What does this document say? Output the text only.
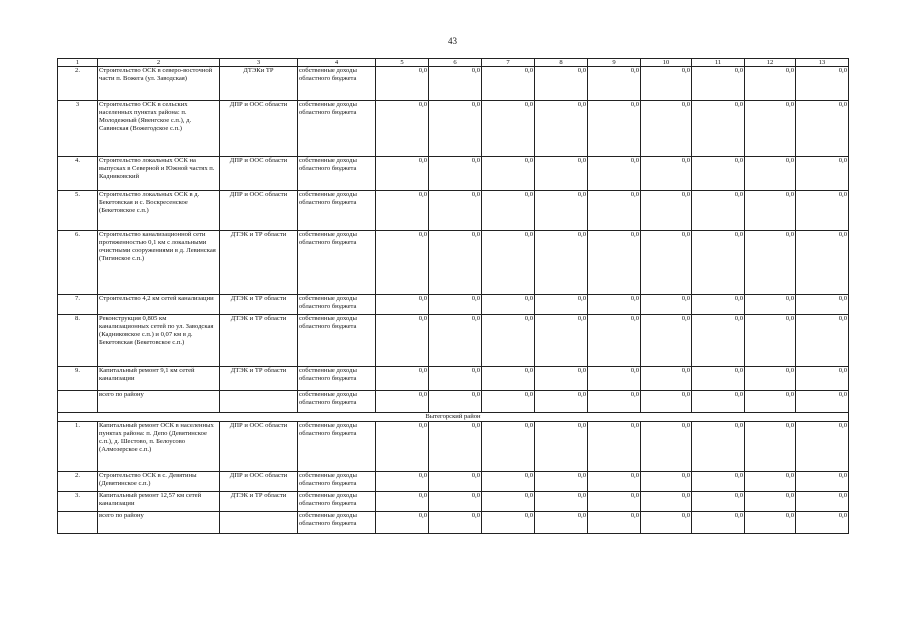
43
1	2	3	4	5	6	7	8	9	10	11	12	13
2.	Строительство ОСК в северо-восточной части п. Вожега (ул. Заводская)	ДТЭКи ТР	собственные доходы областного бюджета	0,0	0,0	0,0	0,0	0,0	0,0	0,0	0,0	0,0
3	Строительство ОСК в сельских населенных пунктах района: п. Молодежный (Явенгское с.п.), д. Савинская (Вожегодское с.п.)	ДПР и ООС области	собственные доходы областного бюджета	0,0	0,0	0,0	0,0	0,0	0,0	0,0	0,0	0,0
4.	Строительство локальных ОСК на выпусках в Северной и Южной частях п. Кадниковский	ДПР и ООС области	собственные доходы областного бюджета	0,0	0,0	0,0	0,0	0,0	0,0	0,0	0,0	0,0
5.	Строительство локальных ОСК в д. Бекетовская и с. Воскресенское (Бекетовское с.п.)	ДПР и ООС области	собственные доходы областного бюджета	0,0	0,0	0,0	0,0	0,0	0,0	0,0	0,0	0,0
6.	Строительство канализационной сети протяженностью 0,1 км с локальными очистными сооружениями в д. Левинская (Тигинское с.п.)	ДТЭК и ТР области	собственные доходы областного бюджета	0,0	0,0	0,0	0,0	0,0	0,0	0,0	0,0	0,0
7.	Строительство 4,2 км сетей канализации	ДТЭК и ТР области	собственные доходы областного бюджета	0,0	0,0	0,0	0,0	0,0	0,0	0,0	0,0	0,0
8.	Реконструкция 0,805 км канализационных сетей по ул. Заводская (Кадниковское с.п.) и 0,07 км в д. Бекетовская (Бекетовское с.п.)	ДТЭК и ТР области	собственные доходы областного бюджета	0,0	0,0	0,0	0,0	0,0	0,0	0,0	0,0	0,0
9.	Капитальный ремонт 9,1 км сетей канализации	ДТЭК и ТР области	собственные доходы областного бюджета	0,0	0,0	0,0	0,0	0,0	0,0	0,0	0,0	0,0
	всего по району		собственные доходы областного бюджета	0,0	0,0	0,0	0,0	0,0	0,0	0,0	0,0	0,0
Вытегорский район												
1.	Капитальный ремонт ОСК в населенных пунктах района: п. Депо (Девятинское с.п.), д. Шестово, п. Белоусово (Алмозерское с.п.)	ДПР и ООС области	собственные доходы областного бюджета	0,0	0,0	0,0	0,0	0,0	0,0	0,0	0,0	0,0
2.	Строительство ОСК в с. Девятины (Девятинское с.п.)	ДПР и ООС области	собственные доходы областного бюджета	0,0	0,0	0,0	0,0	0,0	0,0	0,0	0,0	0,0
3.	Капитальный ремонт 12,57 км сетей канализации	ДТЭК и ТР области	собственные доходы областного бюджета	0,0	0,0	0,0	0,0	0,0	0,0	0,0	0,0	0,0
	всего по району		собственные доходы областного бюджета	0,0	0,0	0,0	0,0	0,0	0,0	0,0	0,0	0,0
